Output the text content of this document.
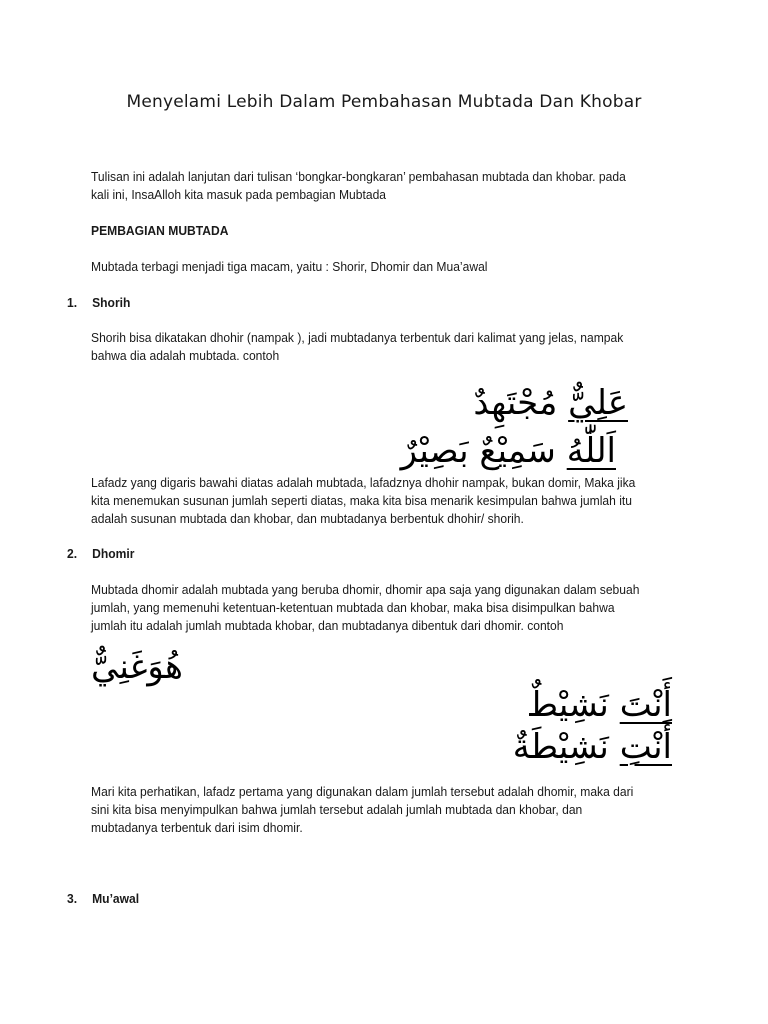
Menyelami Lebih Dalam Pembahasan Mubtada Dan Khobar

Tulisan ini adalah lanjutan dari tulisan ‘bongkar-bongkaran’ pembahasan mubtada dan khobar. pada kali ini, InsaAlloh kita masuk pada pembagian Mubtada

PEMBAGIAN MUBTADA

Mubtada terbagi menjadi tiga macam, yaitu : Shorir, Dhomir dan Mua’awal

1. Shorih

Shorih bisa dikatakan dhohir (nampak ), jadi mubtadanya terbentuk dari kalimat yang jelas, nampak bahwa dia adalah mubtada. contoh

عَلِيٌّ مُجْتَهِدٌ
اَللّٰهُ سَمِيْعٌ بَصِيْرٌ

Lafadz yang digaris bawahi diatas adalah mubtada, lafadznya dhohir nampak, bukan domir, Maka jika kita menemukan susunan jumlah seperti diatas, maka kita bisa menarik kesimpulan bahwa jumlah itu adalah susunan mubtada dan khobar, dan mubtadanya berbentuk dhohir/ shorih.

2. Dhomir

Mubtada dhomir adalah mubtada yang beruba dhomir, dhomir apa saja yang digunakan dalam sebuah jumlah, yang memenuhi ketentuan-ketentuan mubtada dan khobar, maka bisa disimpulkan bahwa jumlah itu adalah jumlah mubtada khobar, dan mubtadanya dibentuk dari dhomir. contoh

هُوَغَنِيٌّ
أَنْتَ نَشِيْطٌ
أَنْتِ نَشِيْطَةٌ

Mari kita perhatikan, lafadz pertama yang digunakan dalam jumlah tersebut adalah dhomir, maka dari sini kita bisa menyimpulkan bahwa jumlah tersebut adalah jumlah mubtada dan khobar, dan mubtadanya terbentuk dari isim dhomir.

3. Mu’awal
